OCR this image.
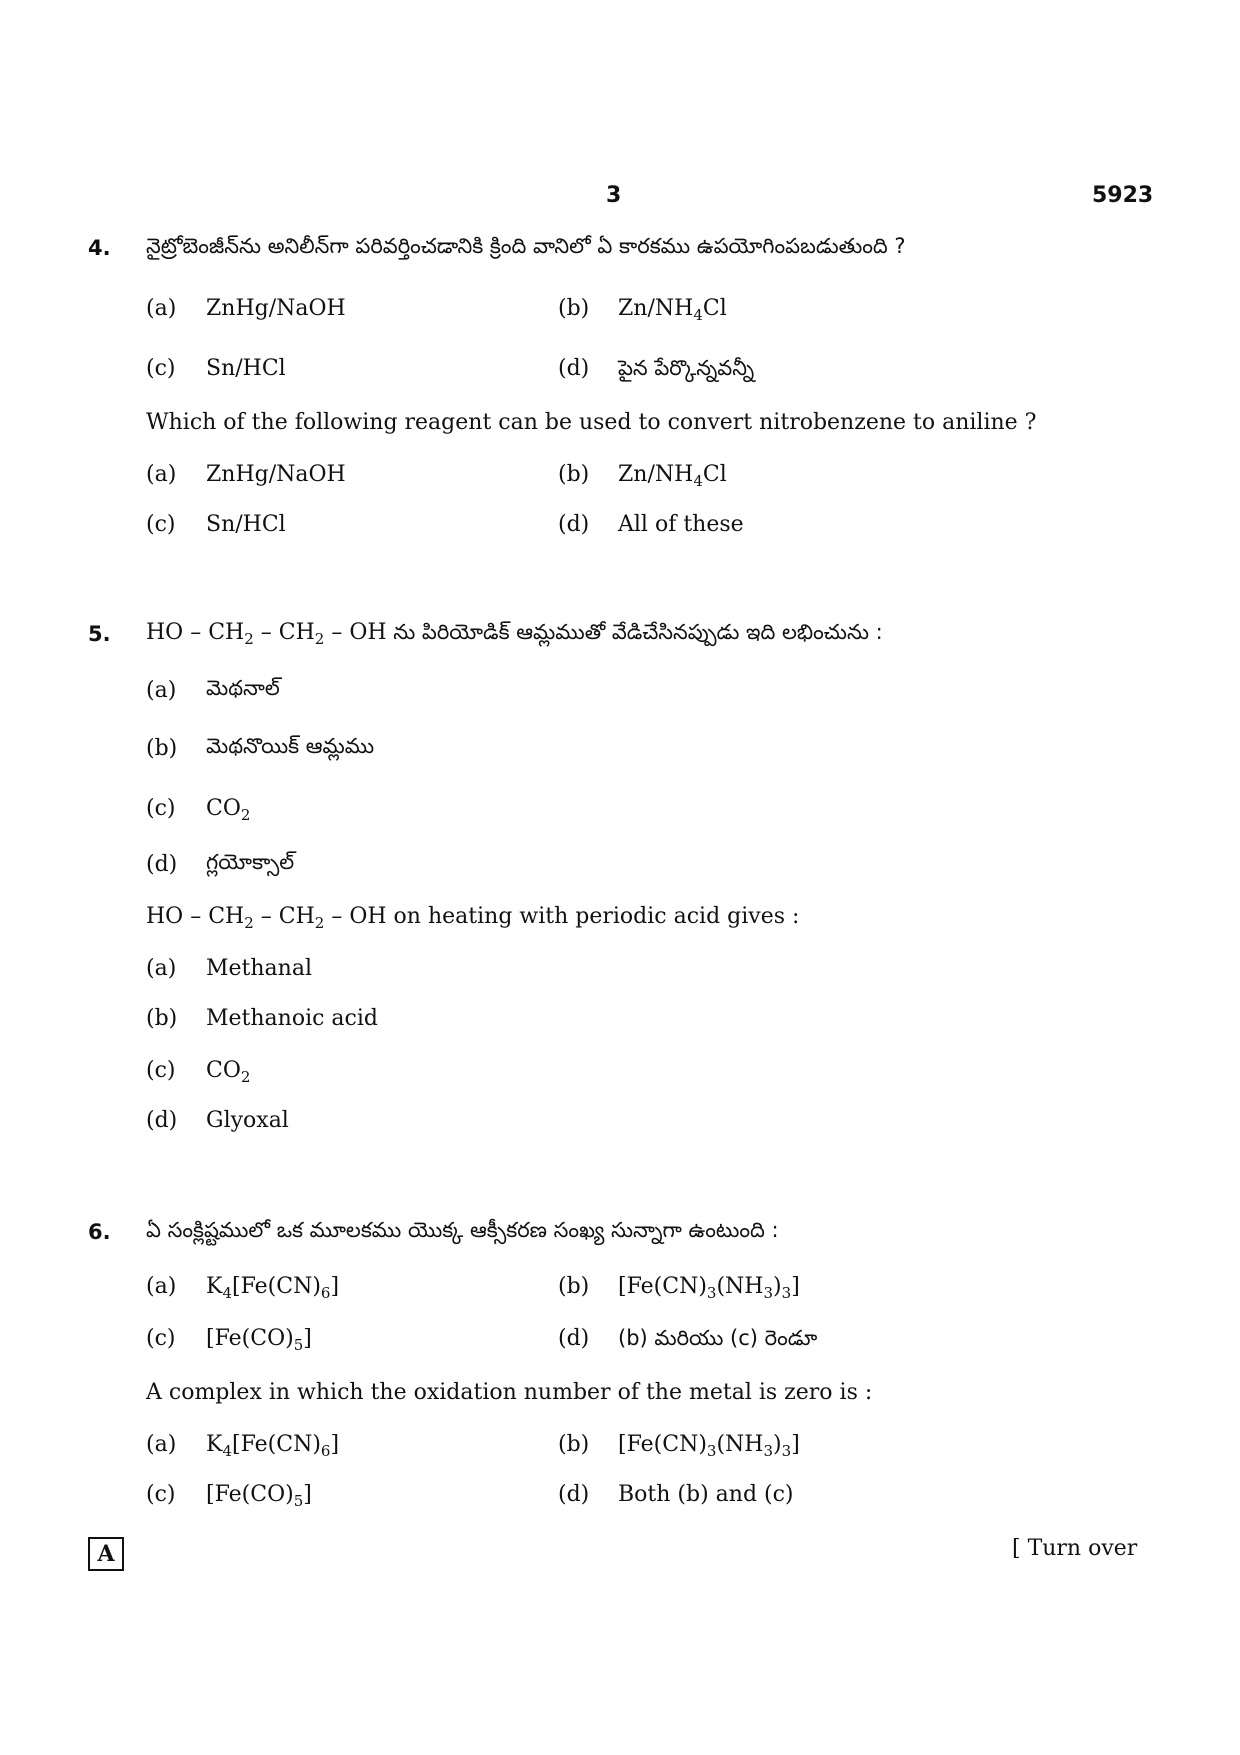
3	5923
4. నైట్రోబెంజీన్‌ను అనిలీన్‌గా పరివర్తించడానికి క్రింది వానిలో ఏ కారకము ఉపయోగింపబడుతుంది ?
(a) ZnHg/NaOH	(b) $Zn/NH_4Cl$
(c) Sn/HCl	(d) పైన పేర్కొన్నవన్నీ
Which of the following reagent can be used to convert nitrobenzene to aniline ?
(a) ZnHg/NaOH	(b) $Zn/NH_4Cl$
(c) Sn/HCl	(d) All of these
5. HO – $CH_2 - CH_2$ – OH ను పిరియోడిక్ ఆమ్లముతో వేడిచేసినప్పుడు ఇది లభించును :
(a) మెథనాల్
(b) మెథనొయిక్ ఆమ్లము
(c) $CO_2$
(d) గ్లయోక్సాల్
HO – $CH_2 - CH_2$ – OH on heating with periodic acid gives :
(a) Methanal
(b) Methanoic acid
(c) $CO_2$
(d) Glyoxal
6. ఏ సంక్లిష్టములో ఒక మూలకము యొక్క ఆక్సీకరణ సంఖ్య సున్నాగా ఉంటుంది :
(a) $K_4[Fe(CN)_6]$	(b) $[Fe(CN)_3(NH_3)_3]$
(c) $[Fe(CO)_5]$	(d) (b) మరియు (c) రెండూ
A complex in which the oxidation number of the metal is zero is :
(a) $K_4[Fe(CN)_6]$	(b) $[Fe(CN)_3(NH_3)_3]$
(c) $[Fe(CO)_5]$	(d) Both (b) and (c)
A	[ Turn over
